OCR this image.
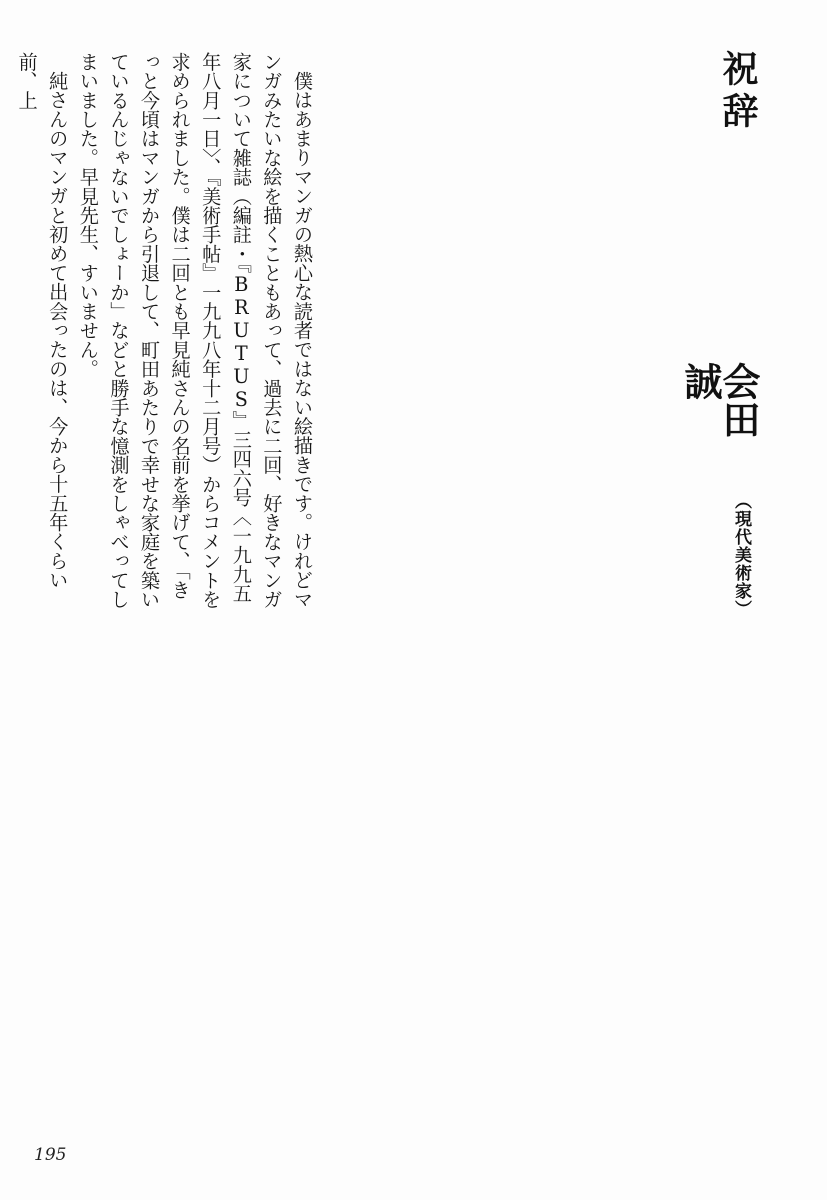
祝辞
会田 誠
（現代美術家）

僕はあまりマンガの熱心な読者ではない絵描きです。けれどマンガみたいな絵を描くこともあって、過去に二回、好きなマンガ家について雑誌（編註・『BRUTUS』三四六号〈一九九五年八月一日〉、『美術手帖』一九九八年十二月号）からコメントを求められました。僕は二回とも早見純さんの名前を挙げて、「きっと今頃はマンガから引退して、町田あたりで幸せな家庭を築いているんじゃないでしょーか」などと勝手な憶測をしゃべってしまいました。早見先生、すいません。

純さんのマンガと初めて出会ったのは、今から十五年くらい前、上

195
